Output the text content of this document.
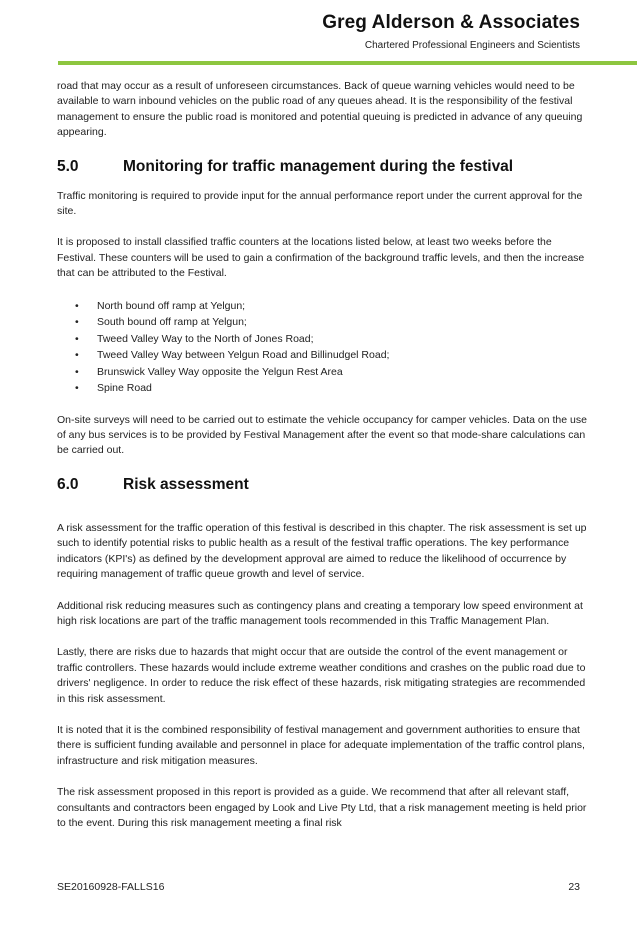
Greg Alderson & Associates
Chartered Professional Engineers and Scientists

road that may occur as a result of unforeseen circumstances. Back of queue warning vehicles would need to be available to warn inbound vehicles on the public road of any queues ahead. It is the responsibility of the festival management to ensure the public road is monitored and potential queuing is predicted in advance of any queuing appearing.

5.0	Monitoring for traffic management during the festival

Traffic monitoring is required to provide input for the annual performance report under the current approval for the site.

It is proposed to install classified traffic counters at the locations listed below, at least two weeks before the Festival. These counters will be used to gain a confirmation of the background traffic levels, and then the increase that can be attributed to the Festival.

• North bound off ramp at Yelgun;
• South bound off ramp at Yelgun;
• Tweed Valley Way to the North of Jones Road;
• Tweed Valley Way between Yelgun Road and Billinudgel Road;
• Brunswick Valley Way opposite the Yelgun Rest Area
• Spine Road

On-site surveys will need to be carried out to estimate the vehicle occupancy for camper vehicles. Data on the use of any bus services is to be provided by Festival Management after the event so that mode-share calculations can be carried out.

6.0	Risk assessment

A risk assessment for the traffic operation of this festival is described in this chapter. The risk assessment is set up such to identify potential risks to public health as a result of the festival traffic operations. The key performance indicators (KPI's) as defined by the development approval are aimed to reduce the likelihood of occurrence by requiring management of traffic queue growth and level of service.

Additional risk reducing measures such as contingency plans and creating a temporary low speed environment at high risk locations are part of the traffic management tools recommended in this Traffic Management Plan.

Lastly, there are risks due to hazards that might occur that are outside the control of the event management or traffic controllers. These hazards would include extreme weather conditions and crashes on the public road due to drivers' negligence. In order to reduce the risk effect of these hazards, risk mitigating strategies are recommended in this risk assessment.

It is noted that it is the combined responsibility of festival management and government authorities to ensure that there is sufficient funding available and personnel in place for adequate implementation of the traffic control plans, infrastructure and risk mitigation measures.

The risk assessment proposed in this report is provided as a guide. We recommend that after all relevant staff, consultants and contractors been engaged by Look and Live Pty Ltd, that a risk management meeting is held prior to the event. During this risk management meeting a final risk

SE20160928-FALLS16	23
